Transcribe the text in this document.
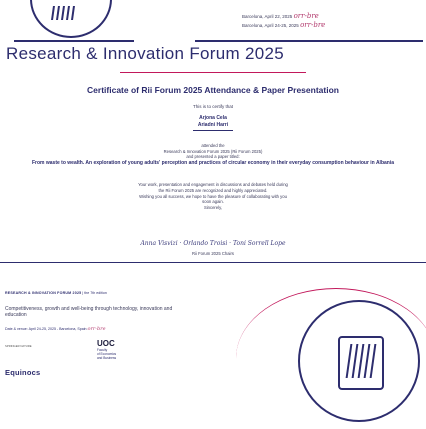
Barcelona, April 22, 2025 orr-bre
Barcelona, April 24-25, 2025 orr-bre
Research & Innovation Forum 2025
Certificate of Rii Forum 2025 Attendance & Paper Presentation
This is to certify that
Arjona Cela
Ariadni Harri
attended the
Research & Innovation Forum 2025 (Rii Forum 2025)
and presented a paper titled:
From waste to wealth. An exploration of young adults' perception and practices of circular economy in their everyday consumption behaviour in Albania
Your work, presentation and engagement in discussions and debates held during
the Rii Forum 2025 are recognized and highly appreciated.
Wishing you all success, we hope to have the pleasure of collaborating with you
soon again.
Sincerely,
Anna Visvizi · Orlando Troisi · Toni Sorrell Lope
Rii Forum 2025 Chairs
RESEARCH & INNOVATION FORUM 2025 | the 7th edition
Competitiveness, growth and well-being through technology, innovation and education
Date & venue: April 24-25, 2025 - Barcelona, Spain orr-bre
SPRINGER NATURE	UOC
Faculty
of Economics
and Business
Equinocs
